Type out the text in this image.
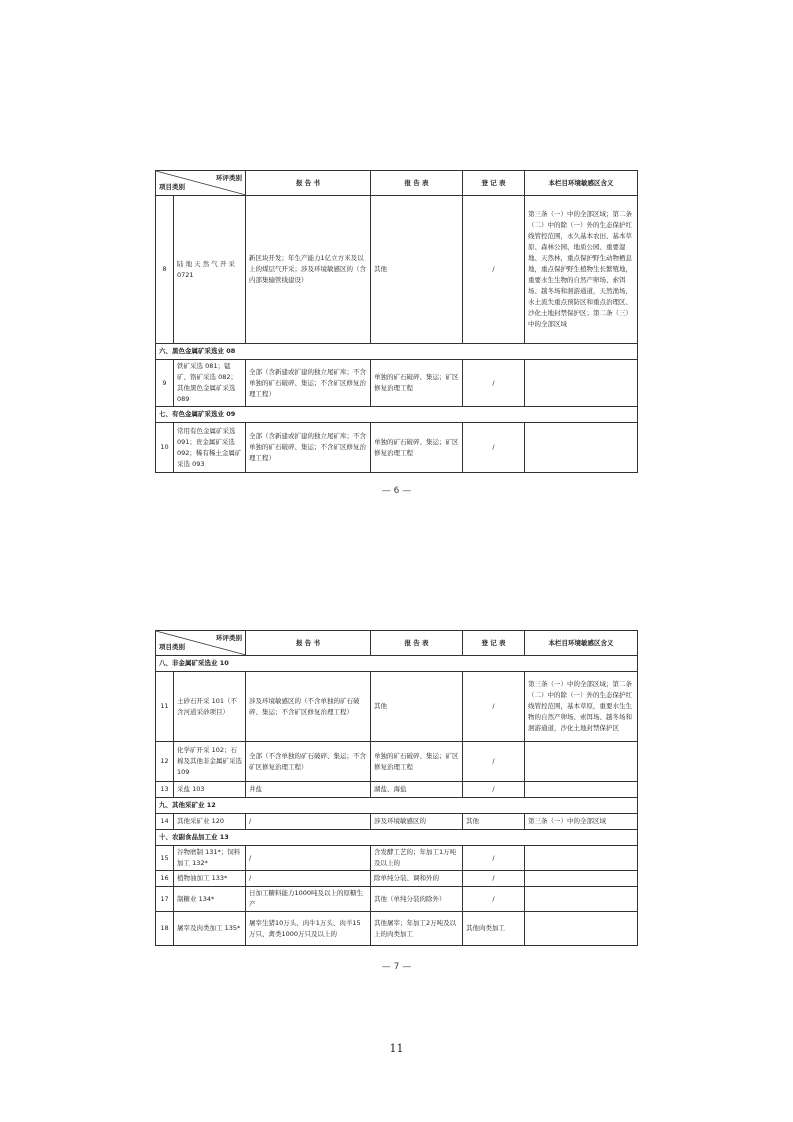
环评类别
项目类别		报 告 书	报 告 表	登 记 表	本栏目环境敏感区含义
8	陆 地 天 然 气 开 采 0721	新区块开发；年生产能力1亿立方米及以上的煤层气开采；涉及环境敏感区的（含内部集输管线建设）	其他	/	第三条（一）中的全部区域；第二条（二）中的除（一）外的生态保护红线管控范围，永久基本农田、基本草原、森林公园、地质公园、重要湿地、天然林，重点保护野生动物栖息地，重点保护野生植物生长繁殖地，重要水生生物的自然产卵场、索饵场、越冬场和洄游通道，天然渔场，水土流失重点预防区和重点治理区、沙化土地封禁保护区；第二条（三）中的全部区域
六、黑色金属矿采选业 08					
9	铁矿采选 081；锰矿、铬矿采选 082；其他黑色金属矿采选 089	全部（含新建或扩建的独立尾矿库；不含单独的矿石破碎、集运；不含矿区修复治理工程）	单独的矿石破碎、集运；矿区修复治理工程	/	
七、有色金属矿采选业 09					
10	常用有色金属矿采选 091；贵金属矿采选 092；稀有稀土金属矿采选 093	全部（含新建或扩建的独立尾矿库；不含单独的矿石破碎、集运；不含矿区修复治理工程）	单独的矿石破碎、集运；矿区修复治理工程	/	
— 6 —
环评类别
项目类别		报 告 书	报 告 表	登 记 表	本栏目环境敏感区含义
八、非金属矿采选业 10					
11	土砂石开采 101（不含河道采砂项目）	涉及环境敏感区的（不含单独的矿石破碎、集运；不含矿区修复治理工程）	其他	/	第三条（一）中的全部区域；第二条（二）中的除（一）外的生态保护红线管控范围，基本草原，重要水生生物的自然产卵场、索饵场、越冬场和洄游通道，沙化土地封禁保护区
12	化学矿开采 102；石棉及其他非金属矿采选 109	全部（不含单独的矿石破碎、集运；不含矿区修复治理工程）	单独的矿石破碎、集运；矿区修复治理工程	/	
13	采盐 103	井盐	湖盐、海盐	/	
九、其他采矿业 12					
14	其他采矿业 120	/	涉及环境敏感区的	其他	第三条（一）中的全部区域
十、农副食品加工业 13					
15	谷物磨制 131*；饲料加工 132*	/	含发酵工艺的；年加工1万吨及以上的	/	
16	植物油加工 133*	/	除单纯分装、调和外的	/	
17	制糖业 134*	日加工糖料能力1000吨及以上的原糖生产	其他（单纯分装的除外）	/	
18	屠宰及肉类加工 135*	屠宰生猪10万头、肉牛1万头、肉羊15万只、禽类1000万只及以上的	其他屠宰；年加工2万吨及以上的肉类加工	其他肉类加工	
— 7 —
11
